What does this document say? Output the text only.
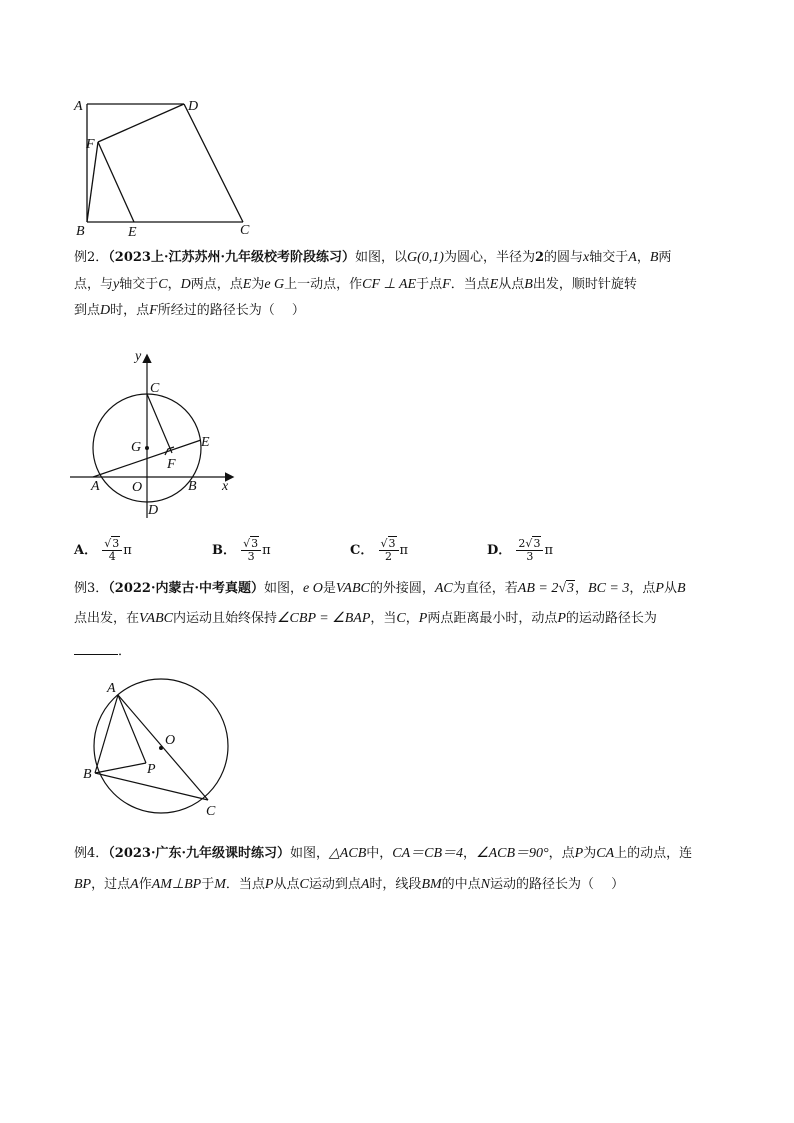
A	D
F
B	E	C
例2．（2023上·江苏苏州·九年级校考阶段练习）如图，以G(0,1)为圆心，半径为2的圆与x轴交于A，B两
点，与y轴交于C，D两点，点E为e G上一动点，作CF ⊥ AE于点F．当点E从点B出发，顺时针旋转
到点D时，点F所经过的路径长为（　 ）
y
x
C
G	E
F
A O	B
D
A． $\frac{√3}{4}$ π	B． $\frac{√3}{3}$ π	C． $\frac{√3}{2}$ π	D． $\frac{2√3}{3}$ π
例3．（2022·内蒙古·中考真题）如图，e O是VABC的外接圆，AC为直径，若AB = 2√3，BC = 3，点P从B
点出发，在VABC内运动且始终保持∠CBP = ∠BAP，当C，P两点距离最小时，动点P的运动路径长为
．
A
O
B	P
C
例4．（2023·广东·九年级课时练习）如图，△ACB中，CA＝CB＝4，∠ACB＝90°，点P为CA上的动点，连
BP，过点A作AM⊥BP于M．当点P从点C运动到点A时，线段BM的中点N运动的路径长为（　 ）
